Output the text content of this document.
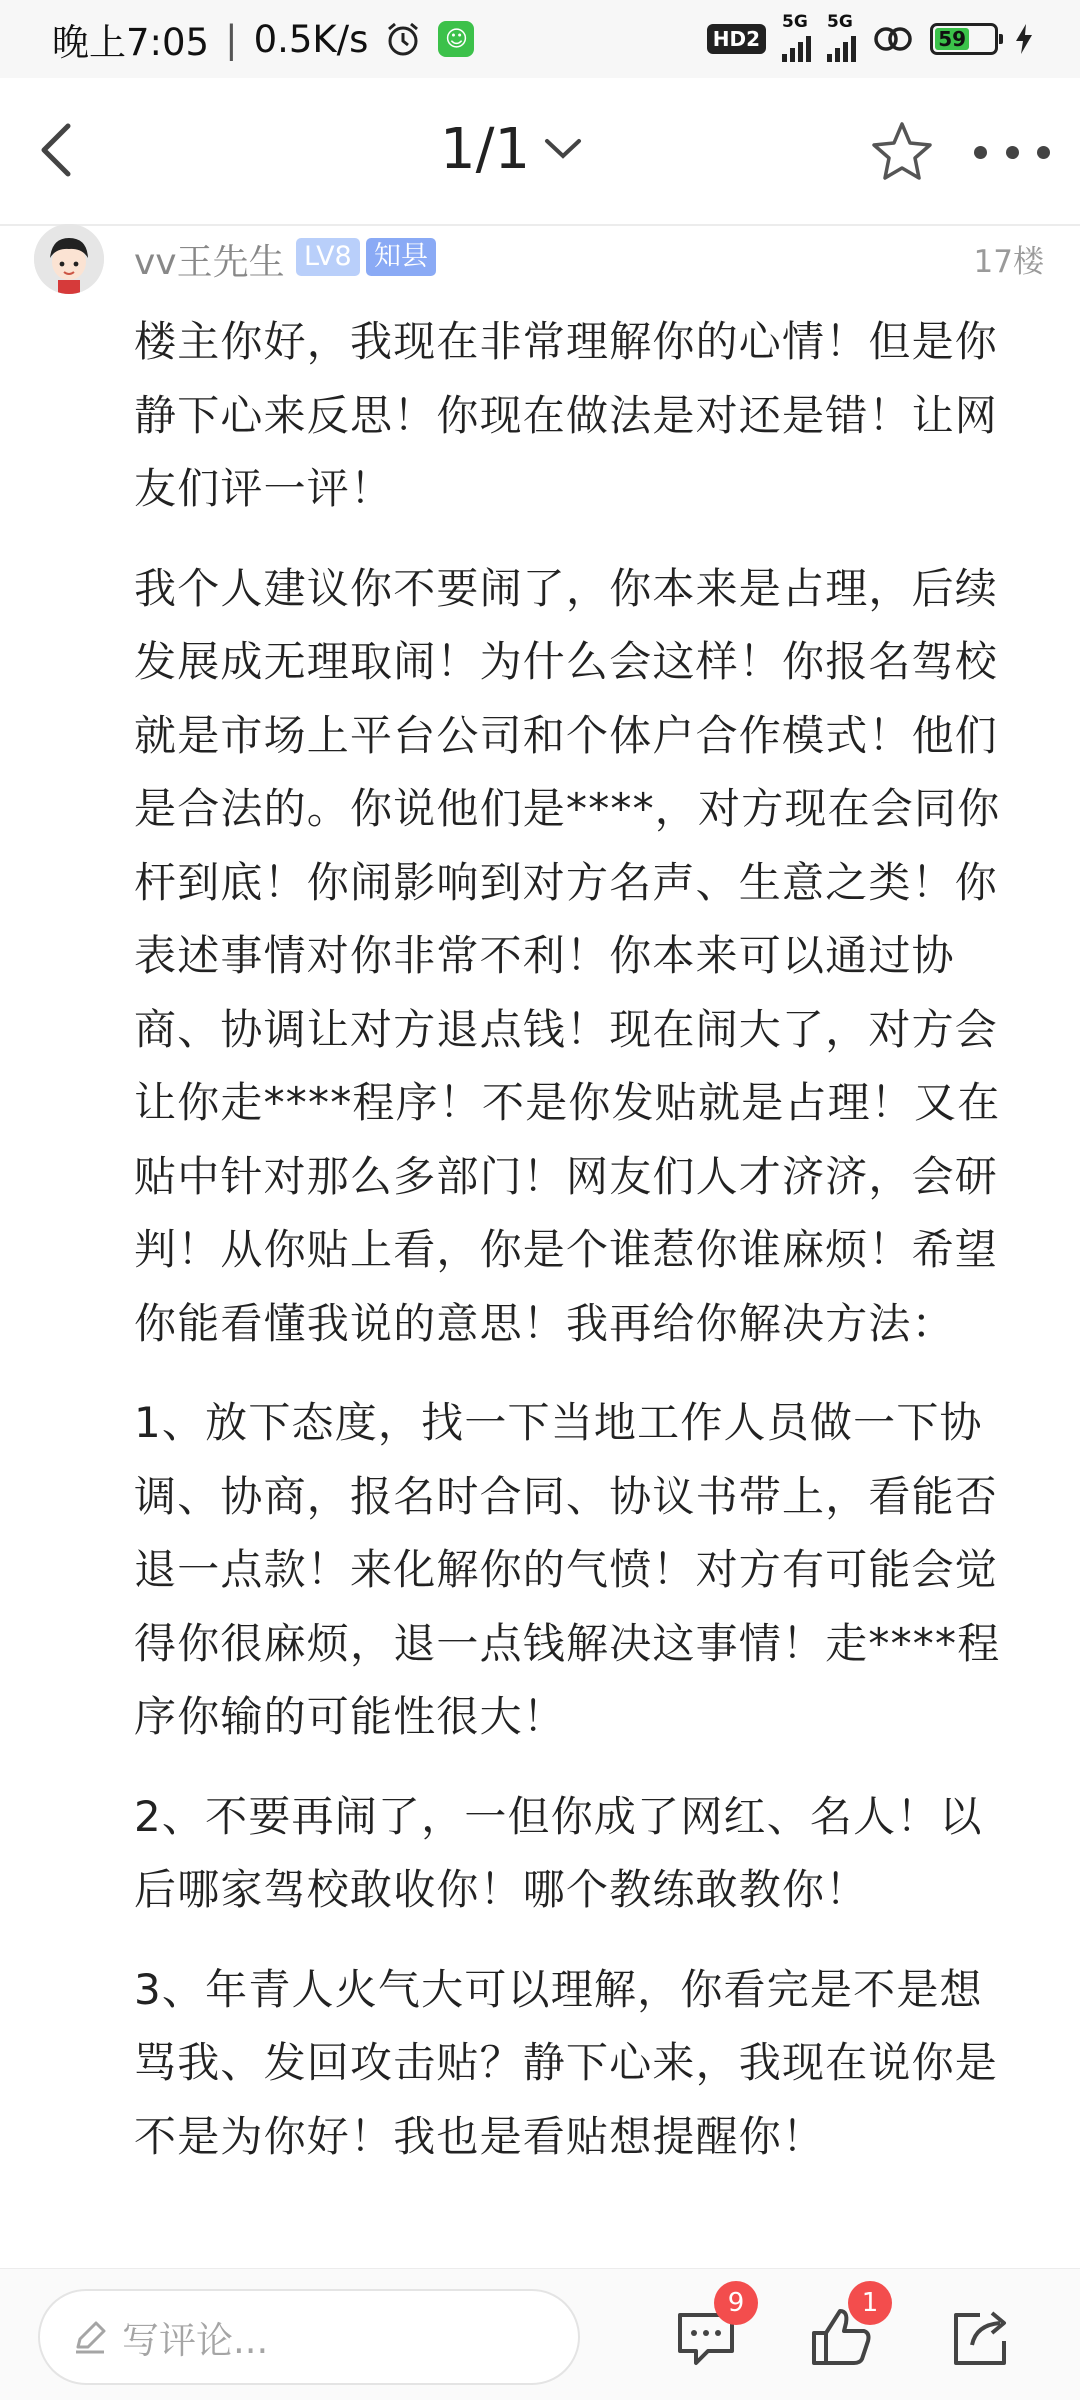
晚上7:05 | 0.5K/s	☺	HD2
5G 5G
59
1/1
vv王先生 LV8 知县	17楼

楼主你好，我现在非常理解你的心情！但是你静下心来反思！你现在做法是对还是错！让网友们评一评！

我个人建议你不要闹了，你本来是占理，后续发展成无理取闹！为什么会这样！你报名驾校就是市场上平台公司和个体户合作模式！他们是合法的。你说他们是****，对方现在会同你杆到底！你闹影响到对方名声、生意之类！你表述事情对你非常不利！你本来可以通过协商、协调让对方退点钱！现在闹大了，对方会让你走****程序！不是你发贴就是占理！又在贴中针对那么多部门！网友们人才济济，会研判！从你贴上看，你是个谁惹你谁麻烦！希望你能看懂我说的意思！我再给你解决方法：

1、放下态度，找一下当地工作人员做一下协调、协商，报名时合同、协议书带上，看能否退一点款！来化解你的气愤！对方有可能会觉得你很麻烦，退一点钱解决这事情！走****程序你输的可能性很大！

2、不要再闹了，一但你成了网红、名人！以后哪家驾校敢收你！哪个教练敢教你！

3、年青人火气大可以理解，你看完是不是想骂我、发回攻击贴？静下心来，我现在说你是不是为你好！我也是看贴想提醒你！

写评论...
9	1
